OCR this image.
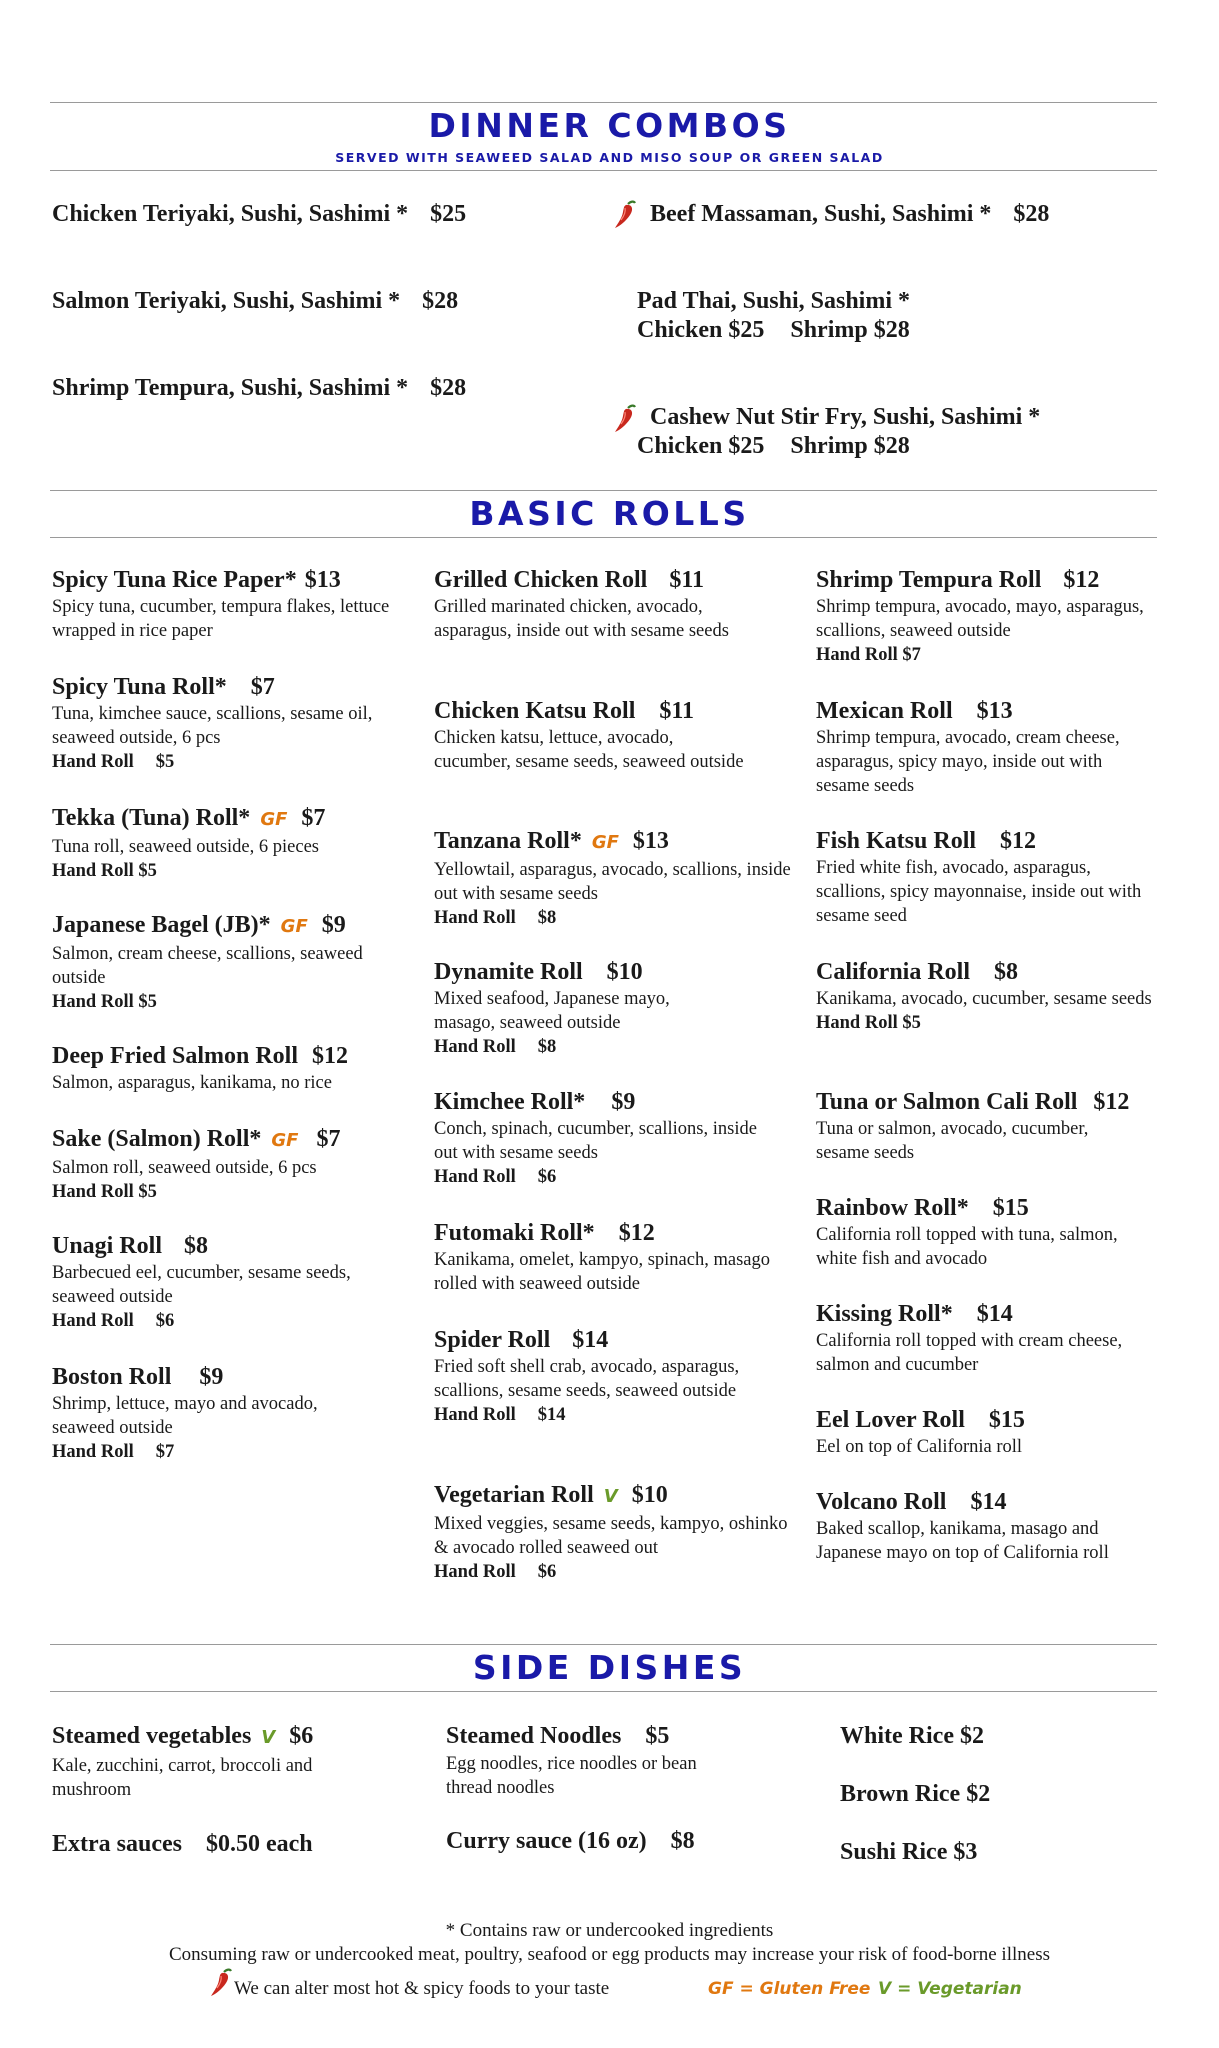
DINNER COMBOS
SERVED WITH SEAWEED SALAD AND MISO SOUP OR GREEN SALAD
Chicken Teriyaki, Sushi, Sashimi * $25
Salmon Teriyaki, Sushi, Sashimi * $28
Shrimp Tempura, Sushi, Sashimi * $28
Beef Massaman, Sushi, Sashimi * $28
Pad Thai, Sushi, Sashimi *
Chicken $25 Shrimp $28
Cashew Nut Stir Fry, Sushi, Sashimi *
Chicken $25 Shrimp $28
BASIC ROLLS
Spicy Tuna Rice Paper* $13
Spicy tuna, cucumber, tempura flakes, lettuce wrapped in rice paper
Spicy Tuna Roll* $7
Tuna, kimchee sauce, scallions, sesame oil, seaweed outside, 6 pcs
Hand Roll $5
Tekka (Tuna) Roll* GF $7
Tuna roll, seaweed outside, 6 pieces
Hand Roll $5
Japanese Bagel (JB)* GF $9
Salmon, cream cheese, scallions, seaweed outside
Hand Roll $5
Deep Fried Salmon Roll $12
Salmon, asparagus, kanikama, no rice
Sake (Salmon) Roll* GF $7
Salmon roll, seaweed outside, 6 pcs
Hand Roll $5
Unagi Roll $8
Barbecued eel, cucumber, sesame seeds, seaweed outside
Hand Roll $6
Boston Roll $9
Shrimp, lettuce, mayo and avocado, seaweed outside
Hand Roll $7
Grilled Chicken Roll $11
Grilled marinated chicken, avocado, asparagus, inside out with sesame seeds
Chicken Katsu Roll $11
Chicken katsu, lettuce, avocado, cucumber, sesame seeds, seaweed outside
Tanzana Roll* GF $13
Yellowtail, asparagus, avocado, scallions, inside out with sesame seeds
Hand Roll $8
Dynamite Roll $10
Mixed seafood, Japanese mayo, masago, seaweed outside
Hand Roll $8
Kimchee Roll* $9
Conch, spinach, cucumber, scallions, inside out with sesame seeds
Hand Roll $6
Futomaki Roll* $12
Kanikama, omelet, kampyo, spinach, masago rolled with seaweed outside
Spider Roll $14
Fried soft shell crab, avocado, asparagus, scallions, sesame seeds, seaweed outside
Hand Roll $14
Vegetarian Roll V $10
Mixed veggies, sesame seeds, kampyo, oshinko & avocado rolled seaweed out
Hand Roll $6
Shrimp Tempura Roll $12
Shrimp tempura, avocado, mayo, asparagus, scallions, seaweed outside
Hand Roll $7
Mexican Roll $13
Shrimp tempura, avocado, cream cheese, asparagus, spicy mayo, inside out with sesame seeds
Fish Katsu Roll $12
Fried white fish, avocado, asparagus, scallions, spicy mayonnaise, inside out with sesame seed
California Roll $8
Kanikama, avocado, cucumber, sesame seeds
Hand Roll $5
Tuna or Salmon Cali Roll $12
Tuna or salmon, avocado, cucumber, sesame seeds
Rainbow Roll* $15
California roll topped with tuna, salmon, white fish and avocado
Kissing Roll* $14
California roll topped with cream cheese, salmon and cucumber
Eel Lover Roll $15
Eel on top of California roll
Volcano Roll $14
Baked scallop, kanikama, masago and Japanese mayo on top of California roll
SIDE DISHES
Steamed vegetables V $6
Kale, zucchini, carrot, broccoli and mushroom
Extra sauces $0.50 each
Steamed Noodles $5
Egg noodles, rice noodles or bean thread noodles
Curry sauce (16 oz) $8
White Rice $2
Brown Rice $2
Sushi Rice $3
* Contains raw or undercooked ingredients
Consuming raw or undercooked meat, poultry, seafood or egg products may increase your risk of food-borne illness
We can alter most hot & spicy foods to your taste	GF = Gluten Free V = Vegetarian
